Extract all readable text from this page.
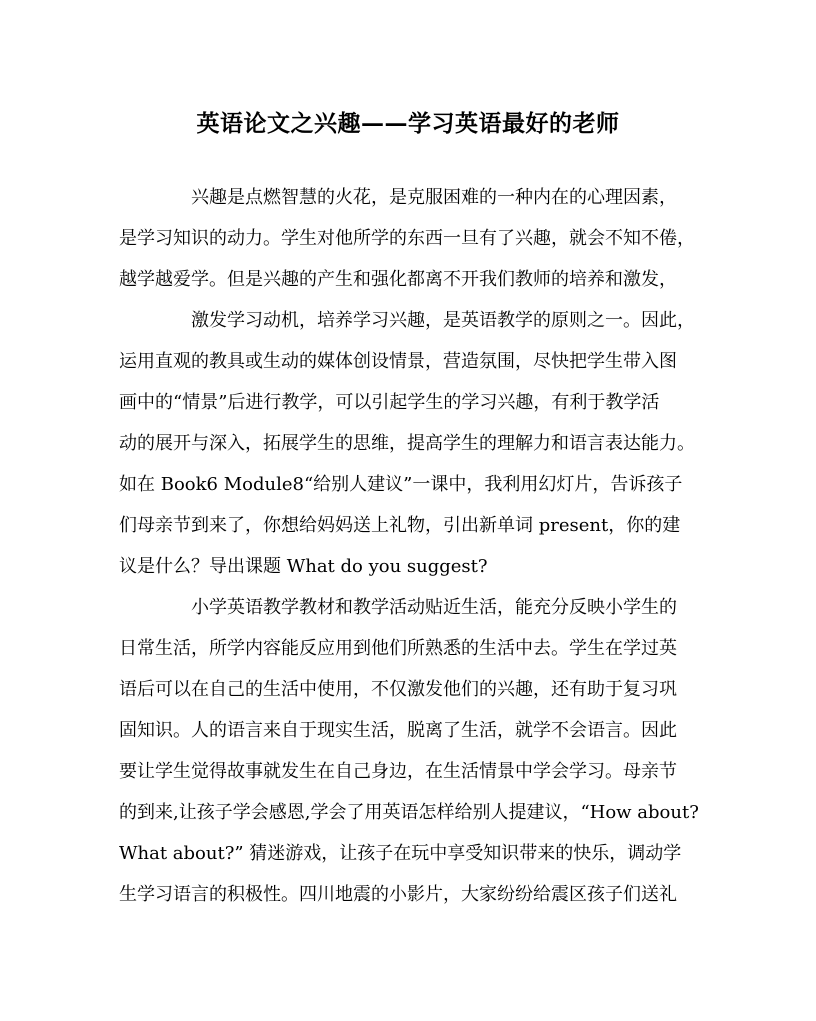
英语论文之兴趣——学习英语最好的老师
兴趣是点燃智慧的火花，是克服困难的一种内在的心理因素，
是学习知识的动力。学生对他所学的东西一旦有了兴趣，就会不知不倦，
越学越爱学。但是兴趣的产生和强化都离不开我们教师的培养和激发，
激发学习动机，培养学习兴趣，是英语教学的原则之一。因此，
运用直观的教具或生动的媒体创设情景，营造氛围，尽快把学生带入图
画中的“情景”后进行教学，可以引起学生的学习兴趣，有利于教学活
动的展开与深入，拓展学生的思维，提高学生的理解力和语言表达能力。
如在 Book6 Module8“给别人建议”一课中，我利用幻灯片，告诉孩子
们母亲节到来了，你想给妈妈送上礼物，引出新单词 present，你的建
议是什么？导出课题 What do you suggest?
小学英语教学教材和教学活动贴近生活，能充分反映小学生的
日常生活，所学内容能反应用到他们所熟悉的生活中去。学生在学过英
语后可以在自己的生活中使用，不仅激发他们的兴趣，还有助于复习巩
固知识。人的语言来自于现实生活，脱离了生活，就学不会语言。因此
要让学生觉得故事就发生在自己身边，在生活情景中学会学习。母亲节
的到来,让孩子学会感恩,学会了用英语怎样给别人提建议，“How about?
What about?” 猜迷游戏，让孩子在玩中享受知识带来的快乐，调动学
生学习语言的积极性。四川地震的小影片，大家纷纷给震区孩子们送礼
